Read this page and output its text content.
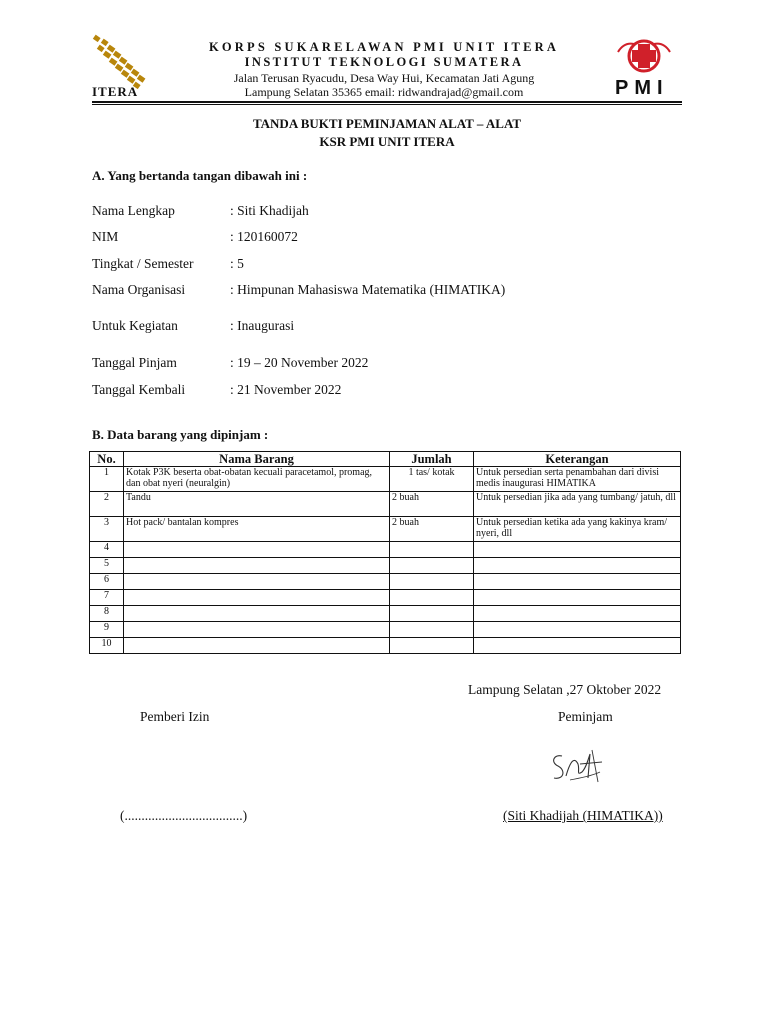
ITERA	PMI
KORPS SUKARELAWAN PMI UNIT ITERA
INSTITUT TEKNOLOGI SUMATERA
Jalan Terusan Ryacudu, Desa Way Hui, Kecamatan Jati Agung
Lampung Selatan 35365 email: ridwandrajad@gmail.com
TANDA BUKTI PEMINJAMAN ALAT – ALAT
KSR PMI UNIT ITERA
A. Yang bertanda tangan dibawah ini :
Nama Lengkap	: Siti Khadijah
NIM	: 120160072
Tingkat / Semester	: 5
Nama Organisasi	: Himpunan Mahasiswa Matematika (HIMATIKA)
Untuk Kegiatan	: Inaugurasi
Tanggal Pinjam	: 19 – 20 November 2022
Tanggal Kembali	: 21 November 2022
B. Data barang yang dipinjam :
No.	Nama Barang	Jumlah	Keterangan
1	Kotak P3K beserta obat-obatan kecuali paracetamol, promag, dan obat nyeri (neuralgin)	1 tas/ kotak	Untuk persedian serta penambahan dari divisi medis inaugurasi HIMATIKA
2	Tandu	2 buah	Untuk persedian jika ada yang tumbang/ jatuh, dll
3	Hot pack/ bantalan kompres	2 buah	Untuk persedian ketika ada yang kakinya kram/ nyeri, dll
4			
5			
6			
7			
8			
9			
10			
Lampung Selatan ,27 Oktober 2022
Pemberi Izin	Peminjam
(...................................)	(Siti Khadijah (HIMATIKA))
